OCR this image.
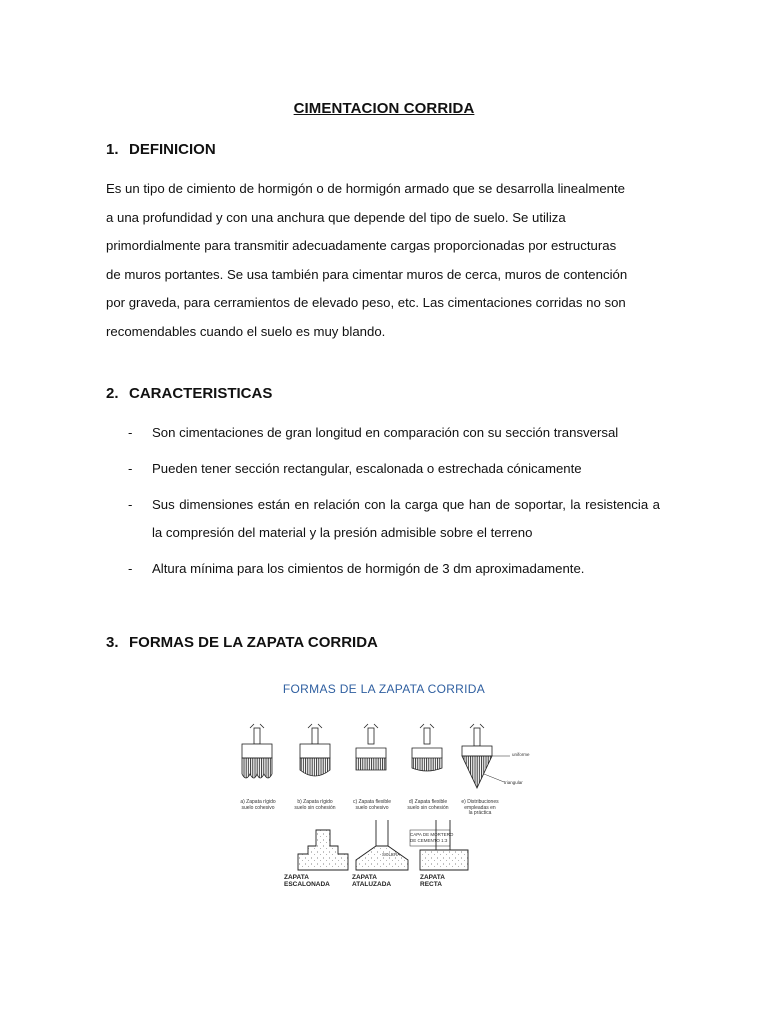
CIMENTACION CORRIDA
1. DEFINICION
Es un tipo de cimiento de hormigón o de hormigón armado que se desarrolla linealmente
a una profundidad y con una anchura que depende del tipo de suelo. Se utiliza
primordialmente para transmitir adecuadamente cargas proporcionadas por estructuras
de muros portantes. Se usa también para cimentar muros de cerca, muros de contención
por graveda, para cerramientos de elevado peso, etc. Las cimentaciones corridas no son
recomendables cuando el suelo es muy blando.
2. CARACTERISTICAS
- Son cimentaciones de gran longitud en comparación con su sección transversal
- Pueden tener sección rectangular, escalonada o estrechada cónicamente
- Sus dimensiones están en relación con la carga que han de soportar, la resistencia a la compresión del material y la presión admisible sobre el terreno
- Altura mínima para los cimientos de hormigón de 3 dm aproximadamente.
3. FORMAS DE LA ZAPATA CORRIDA
FORMAS DE LA ZAPATA CORRIDA
a) Zapata rígido
suelo cohesivo
b) Zapata rígido
suelo sin cohesión
c) Zapata flexible
suelo cohesivo
d) Zapata flexible
suelo sin cohesión
e) Distribuciones
empleadas en
la práctica
uniforme
triangular
CAPA DE MORTERO
DE CEMENTO 1:3
SOLERA
ZAPATA
ESCALONADA
ZAPATA
ATALUZADA
ZAPATA
RECTA
